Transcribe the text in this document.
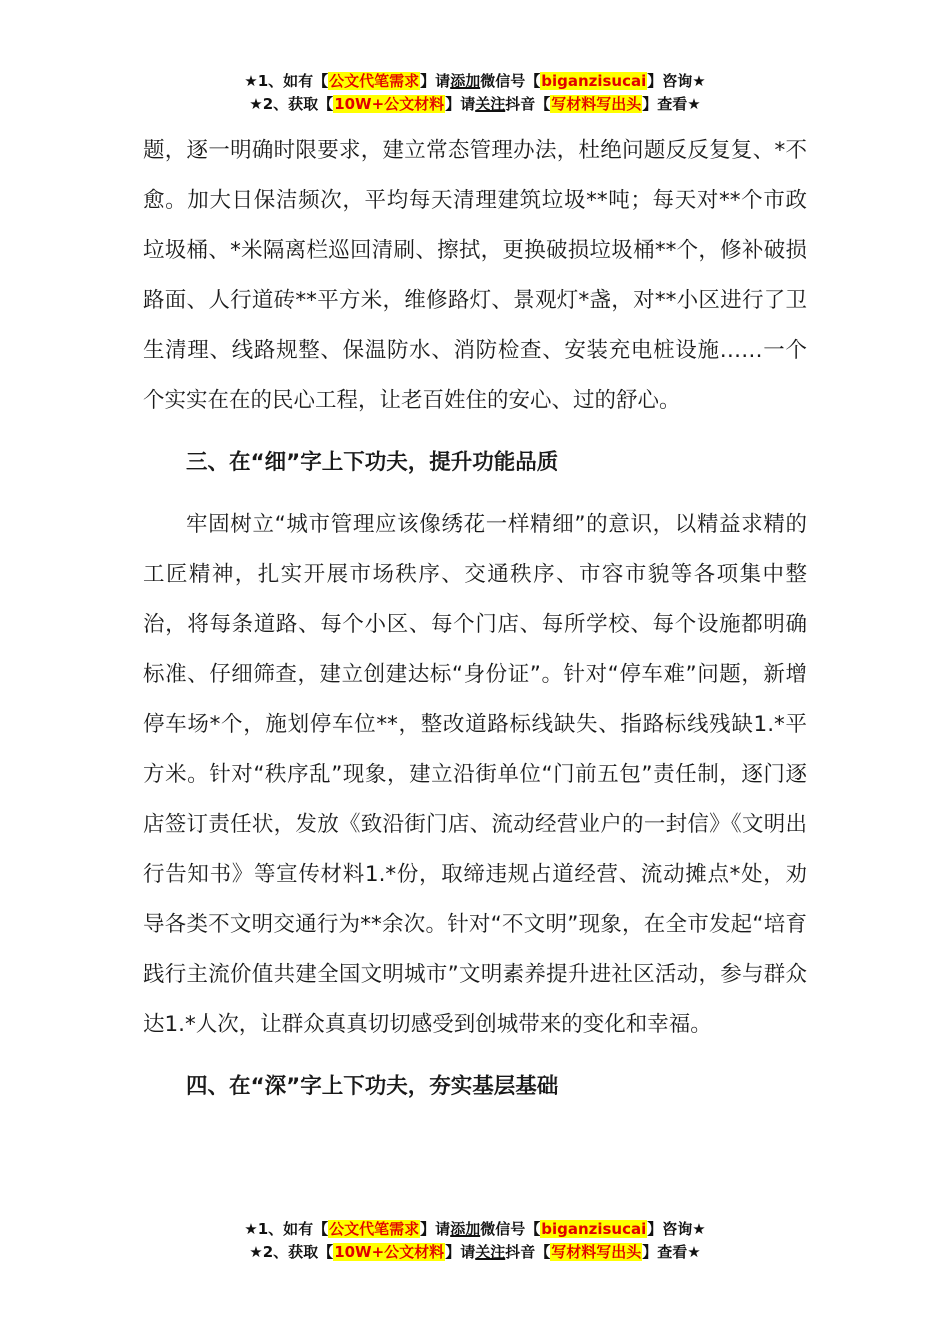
★1、如有【公文代笔需求】请添加微信号【biganzisucai】咨询★
★2、获取【10W+公文材料】请关注抖音【写材料写出头】查看★

题，逐一明确时限要求，建立常态管理办法，杜绝问题反反复复、*不愈。加大日保洁频次，平均每天清理建筑垃圾**吨；每天对**个市政垃圾桶、*米隔离栏巡回清刷、擦拭，更换破损垃圾桶**个，修补破损路面、人行道砖**平方米，维修路灯、景观灯*盏，对**小区进行了卫生清理、线路规整、保温防水、消防检查、安装充电桩设施……一个个实实在在的民心工程，让老百姓住的安心、过的舒心。

三、在“细”字上下功夫，提升功能品质

牢固树立“城市管理应该像绣花一样精细”的意识，以精益求精的工匠精神，扎实开展市场秩序、交通秩序、市容市貌等各项集中整治，将每条道路、每个小区、每个门店、每所学校、每个设施都明确标准、仔细筛查，建立创建达标“身份证”。针对“停车难”问题，新增停车场*个，施划停车位**，整改道路标线缺失、指路标线残缺1.*平方米。针对“秩序乱”现象，建立沿街单位“门前五包”责任制，逐门逐店签订责任状，发放《致沿街门店、流动经营业户的一封信》《文明出行告知书》等宣传材料1.*份，取缔违规占道经营、流动摊点*处，劝导各类不文明交通行为**余次。针对“不文明”现象，在全市发起“培育践行主流价值共建全国文明城市”文明素养提升进社区活动，参与群众达1.*人次，让群众真真切切感受到创城带来的变化和幸福。

四、在“深”字上下功夫，夯实基层基础

★1、如有【公文代笔需求】请添加微信号【biganzisucai】咨询★
★2、获取【10W+公文材料】请关注抖音【写材料写出头】查看★
